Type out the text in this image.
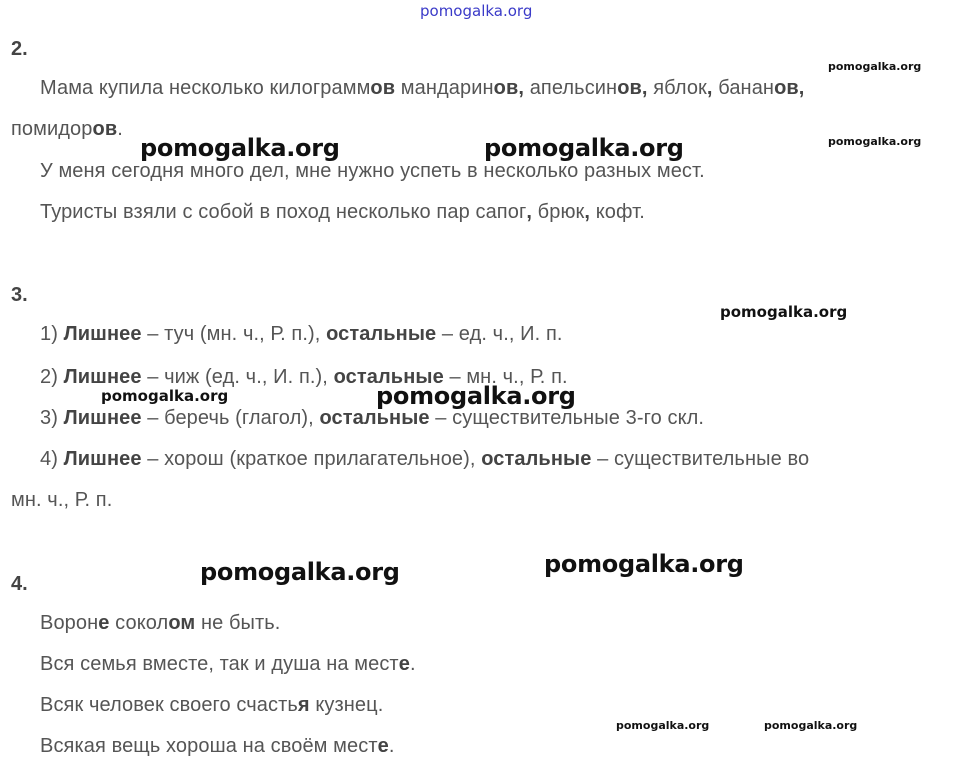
pomogalka.org
pomogalka.org
pomogalka.org
pomogalka.org	pomogalka.org
pomogalka.org
pomogalka.org	pomogalka.org
pomogalka.org	pomogalka.org
pomogalka.org	pomogalka.org
2.
Мама купила несколько килограммов мандаринов, апельсинов, яблок, бананов,
помидоров.
У меня сегодня много дел, мне нужно успеть в несколько разных мест.
Туристы взяли с собой в поход несколько пар сапог, брюк, кофт.
3.
1) Лишнее – туч (мн. ч., Р. п.), остальные – ед. ч., И. п.
2) Лишнее – чиж (ед. ч., И. п.), остальные – мн. ч., Р. п.
3) Лишнее – беречь (глагол), остальные – существительные 3-го скл.
4) Лишнее – хорош (краткое прилагательное), остальные – существительные во
мн. ч., Р. п.
4.
Вороне соколом не быть.
Вся семья вместе, так и душа на месте.
Всяк человек своего счастья кузнец.
Всякая вещь хороша на своём месте.
